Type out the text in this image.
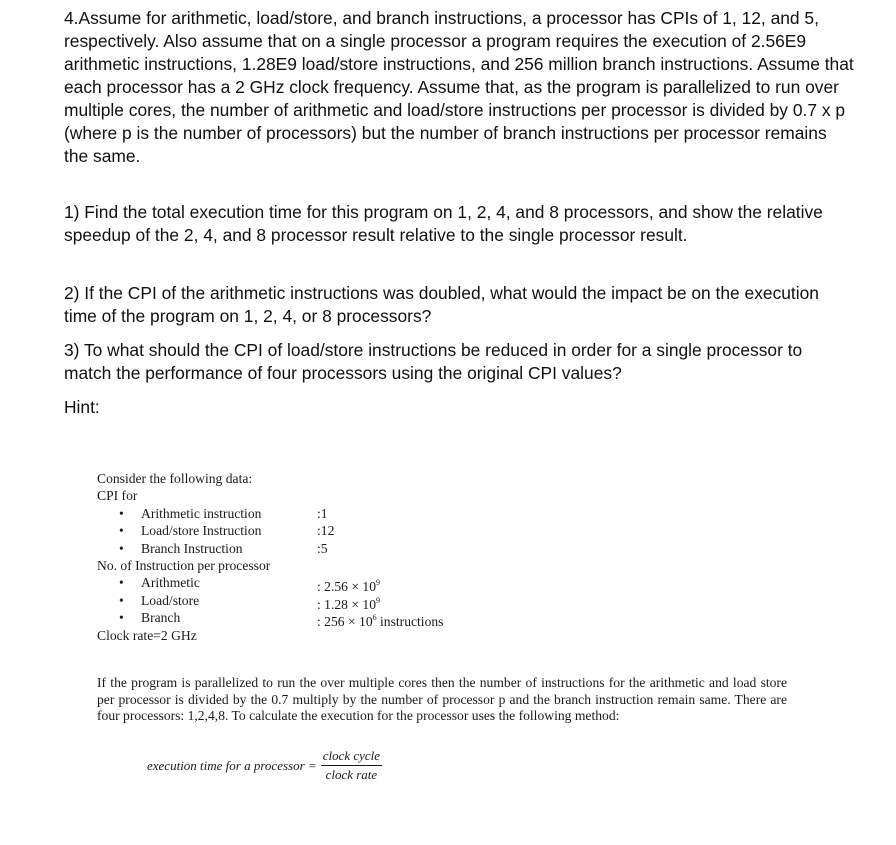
4.Assume for arithmetic, load/store, and branch instructions, a processor has CPIs of 1, 12, and 5, respectively. Also assume that on a single processor a program requires the execution of 2.56E9 arithmetic instructions, 1.28E9 load/store instructions, and 256 million branch instructions. Assume that each processor has a 2 GHz clock frequency. Assume that, as the program is parallelized to run over multiple cores, the number of arithmetic and load/store instructions per processor is divided by 0.7 x p (where p is the number of processors) but the number of branch instructions per processor remains the same.

1) Find the total execution time for this program on 1, 2, 4, and 8 processors, and show the relative speedup of the 2, 4, and 8 processor result relative to the single processor result.

2) If the CPI of the arithmetic instructions was doubled, what would the impact be on the execution time of the program on 1, 2, 4, or 8 processors?

3) To what should the CPI of load/store instructions be reduced in order for a single processor to match the performance of four processors using the original CPI values?

Hint:

Consider the following data:
CPI for
• Arithmetic instruction	:1
• Load/store Instruction	:12
• Branch Instruction	:5
No. of Instruction per processor
• Arithmetic	: $2.56 \times 10^9$
• Load/store	: $1.28 \times 10^9$
• Branch	: $256 \times 10^6$ instructions
Clock rate=2 GHz
If the program is parallelized to run the over multiple cores then the number of instructions for the arithmetic and load store per processor is divided by the 0.7 multiply by the number of processor p and the branch instruction remain same. There are four processors: 1,2,4,8. To calculate the execution for the processor uses the following method:
execution time for a processor = $\frac{\text{clock cycle}}{\text{clock rate}}$
